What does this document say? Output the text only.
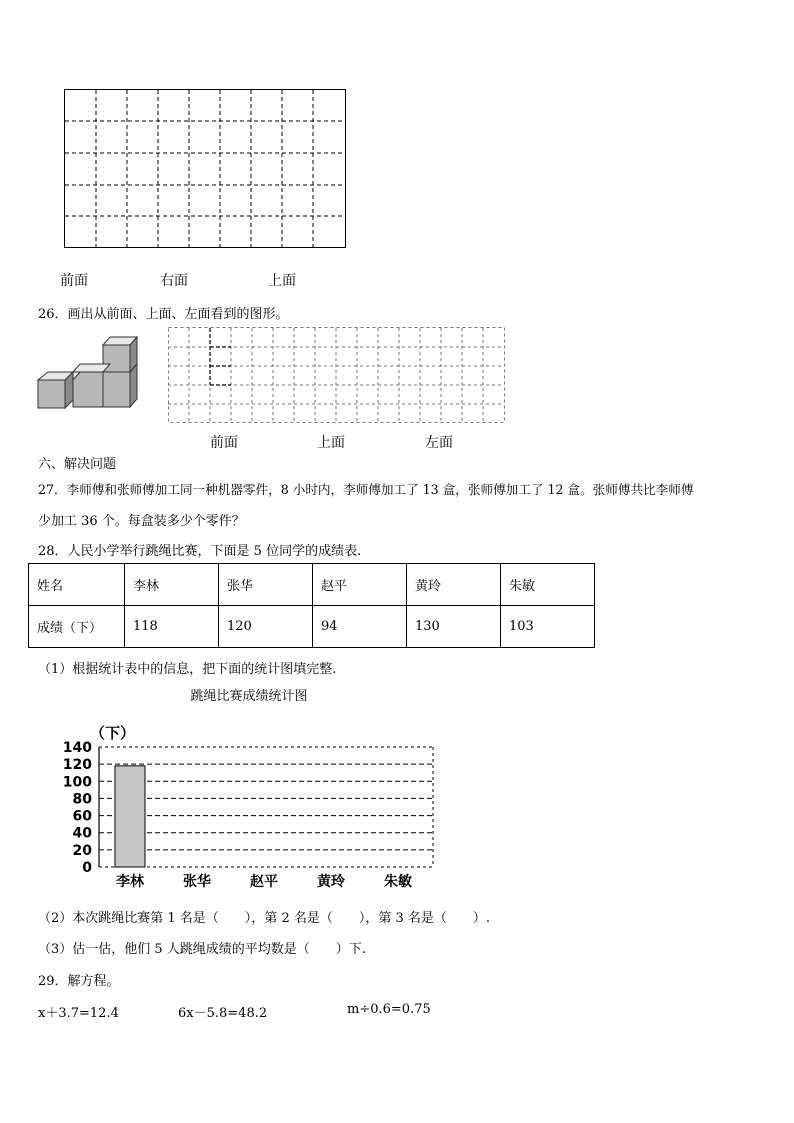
前面	右面	上面
26．画出从前面、上面、左面看到的图形。
前面	上面	左面
六、解决问题
27．李师傅和张师傅加工同一种机器零件，8 小时内，李师傅加工了 13 盒，张师傅加工了 12 盒。张师傅共比李师傅
少加工 36 个。每盒装多少个零件？
28．人民小学举行跳绳比赛，下面是 5 位同学的成绩表.
姓名	李林	张华	赵平	黄玲	朱敏
成绩（下）	118	120	94	130	103
（1）根据统计表中的信息，把下面的统计图填完整.
跳绳比赛成绩统计图
（下）
140
120
100
80
60
40
20
0
李林	张华	赵平	黄玲	朱敏
（2）本次跳绳比赛第 1 名是（　　），第 2 名是（　　），第 3 名是（　　）.
（3）估一估，他们 5 人跳绳成绩的平均数是（　　）下.
29．解方程。
x＋3.7=12.4	6x－5.8=48.2	m÷0.6=0.75
